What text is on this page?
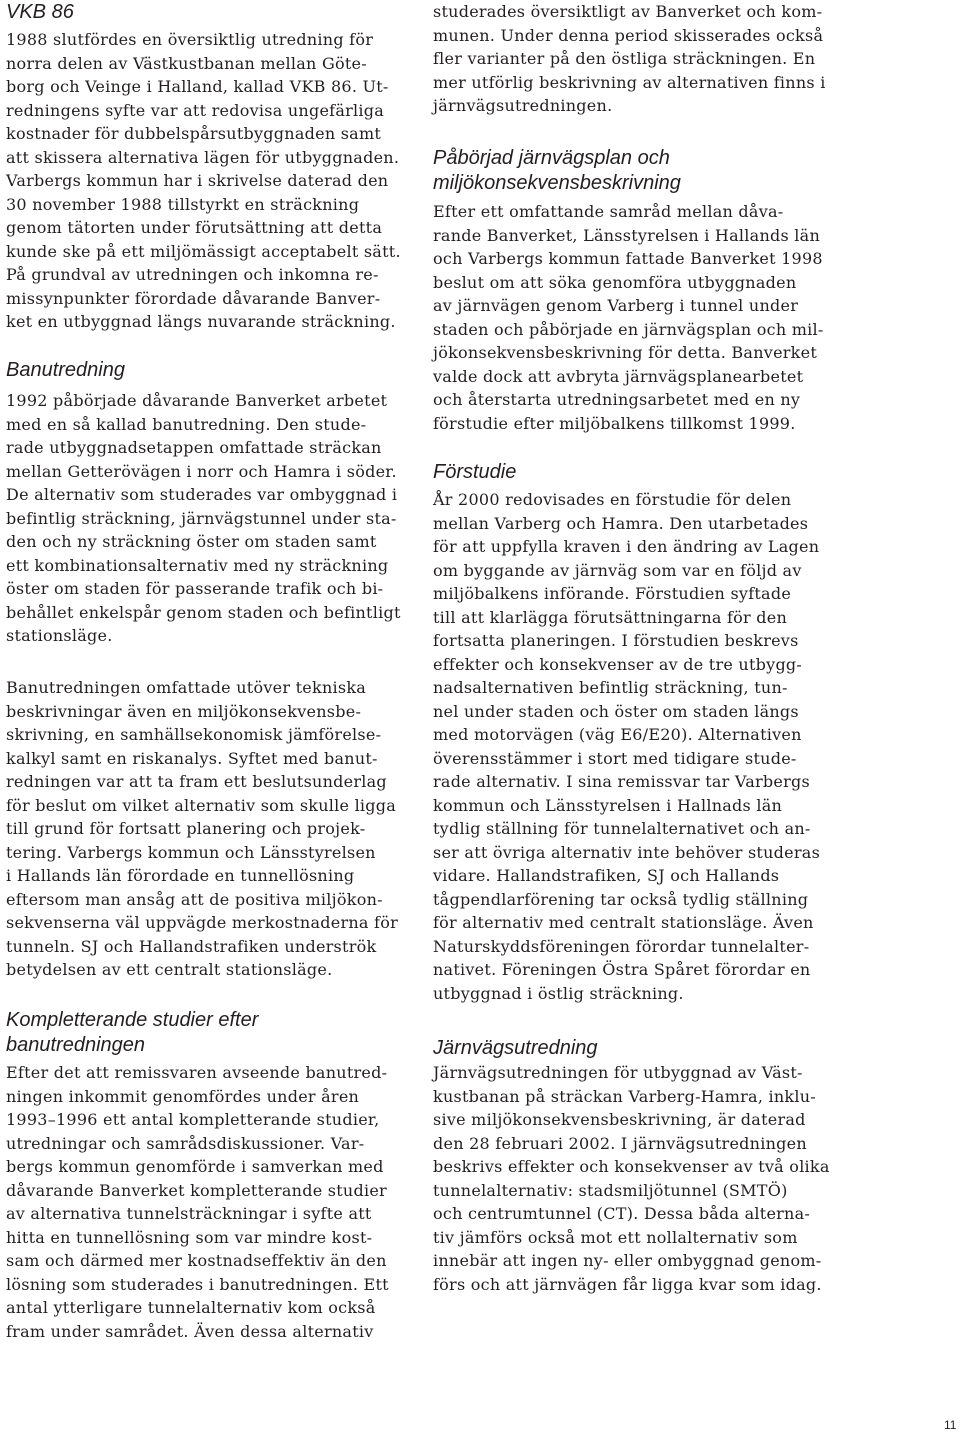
VKB 86
1988 slutfördes en översiktlig utredning för
norra delen av Västkustbanan mellan Göte-
borg och Veinge i Halland, kallad VKB 86. Ut-
redningens syfte var att redovisa ungefärliga
kostnader för dubbelspårsutbyggnaden samt
att skissera alternativa lägen för utbyggnaden.
Varbergs kommun har i skrivelse daterad den
30 november 1988 tillstyrkt en sträckning
genom tätorten under förutsättning att detta
kunde ske på ett miljömässigt acceptabelt sätt.
På grundval av utredningen och inkomna re-
missynpunkter förordade dåvarande Banver-
ket en utbyggnad längs nuvarande sträckning.
Banutredning
1992 påbörjade dåvarande Banverket arbetet
med en så kallad banutredning. Den stude-
rade utbyggnadsetappen omfattade sträckan
mellan Getterövägen i norr och Hamra i söder.
De alternativ som studerades var ombyggnad i
befintlig sträckning, järnvägstunnel under sta-
den och ny sträckning öster om staden samt
ett kombinationsalternativ med ny sträckning
öster om staden för passerande trafik och bi-
behållet enkelspår genom staden och befintligt
stationsläge.
Banutredningen omfattade utöver tekniska
beskrivningar även en miljökonsekvensbe-
skrivning, en samhällsekonomisk jämförelse-
kalkyl samt en riskanalys. Syftet med banut-
redningen var att ta fram ett beslutsunderlag
för beslut om vilket alternativ som skulle ligga
till grund för fortsatt planering och projek-
tering. Varbergs kommun och Länsstyrelsen
i Hallands län förordade en tunnellösning
eftersom man ansåg att de positiva miljökon-
sekvenserna väl uppvägde merkostnaderna för
tunneln. SJ och Hallandstrafiken underströk
betydelsen av ett centralt stationsläge.
Kompletterande studier efter
banutredningen
Efter det att remissvaren avseende banutred-
ningen inkommit genomfördes under åren
1993–1996 ett antal kompletterande studier,
utredningar och samrådsdiskussioner. Var-
bergs kommun genomförde i samverkan med
dåvarande Banverket kompletterande studier
av alternativa tunnelsträckningar i syfte att
hitta en tunnellösning som var mindre kost-
sam och därmed mer kostnadseffektiv än den
lösning som studerades i banutredningen. Ett
antal ytterligare tunnelalternativ kom också
fram under samrådet. Även dessa alternativ
studerades översiktligt av Banverket och kom-
munen. Under denna period skisserades också
fler varianter på den östliga sträckningen. En
mer utförlig beskrivning av alternativen finns i
järnvägsutredningen.
Påbörjad järnvägsplan och
miljökonsekvensbeskrivning
Efter ett omfattande samråd mellan dåva-
rande Banverket, Länsstyrelsen i Hallands län
och Varbergs kommun fattade Banverket 1998
beslut om att söka genomföra utbyggnaden
av järnvägen genom Varberg i tunnel under
staden och påbörjade en järnvägsplan och mil-
jökonsekvensbeskrivning för detta. Banverket
valde dock att avbryta järnvägsplanearbetet
och återstarta utredningsarbetet med en ny
förstudie efter miljöbalkens tillkomst 1999.
Förstudie
År 2000 redovisades en förstudie för delen
mellan Varberg och Hamra. Den utarbetades
för att uppfylla kraven i den ändring av Lagen
om byggande av järnväg som var en följd av
miljöbalkens införande. Förstudien syftade
till att klarlägga förutsättningarna för den
fortsatta planeringen. I förstudien beskrevs
effekter och konsekvenser av de tre utbygg-
nadsalternativen befintlig sträckning, tun-
nel under staden och öster om staden längs
med motorvägen (väg E6/E20). Alternativen
överensstämmer i stort med tidigare stude-
rade alternativ. I sina remissvar tar Varbergs
kommun och Länsstyrelsen i Hallnads län
tydlig ställning för tunnelalternativet och an-
ser att övriga alternativ inte behöver studeras
vidare. Hallandstrafiken, SJ och Hallands
tågpendlarförening tar också tydlig ställning
för alternativ med centralt stationsläge. Även
Naturskyddsföreningen förordar tunnelalter-
nativet. Föreningen Östra Spåret förordar en
utbyggnad i östlig sträckning.
Järnvägsutredning
Järnvägsutredningen för utbyggnad av Väst-
kustbanan på sträckan Varberg-Hamra, inklu-
sive miljökonsekvensbeskrivning, är daterad
den 28 februari 2002. I järnvägsutredningen
beskrivs effekter och konsekvenser av två olika
tunnelalternativ: stadsmiljötunnel (SMTÖ)
och centrumtunnel (CT). Dessa båda alterna-
tiv jämförs också mot ett nollalternativ som
innebär att ingen ny- eller ombyggnad genom-
förs och att järnvägen får ligga kvar som idag.
11
